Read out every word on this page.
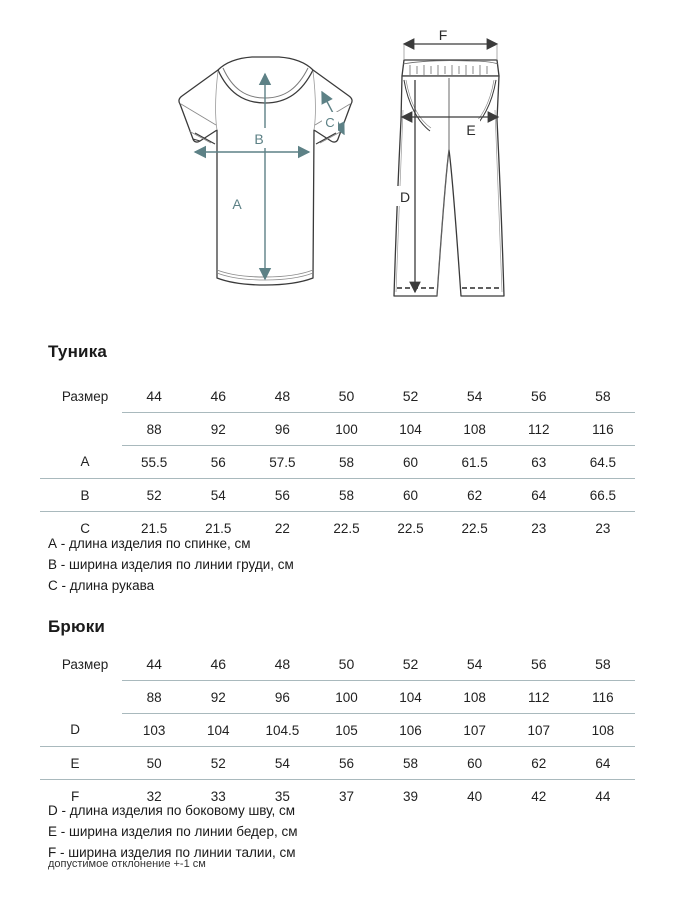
A
B
C
F
E
D
Туника
Размер	44	46	48	50	52	54	56	58
	88	92	96	100	104	108	112	116
A	55.5	56	57.5	58	60	61.5	63	64.5
B	52	54	56	58	60	62	64	66.5
C	21.5	21.5	22	22.5	22.5	22.5	23	23
А - длина изделия по спинке, см
В - ширина изделия по линии груди, см
С - длина рукава
Брюки
Размер	44	46	48	50	52	54	56	58
	88	92	96	100	104	108	112	116
D	103	104	104.5	105	106	107	107	108
E	50	52	54	56	58	60	62	64
F	32	33	35	37	39	40	42	44
D - длина изделия по боковому шву, см
E - ширина изделия по линии бедер, см
F - ширина изделия по линии талии, см
допустимое отклонение +-1 см
